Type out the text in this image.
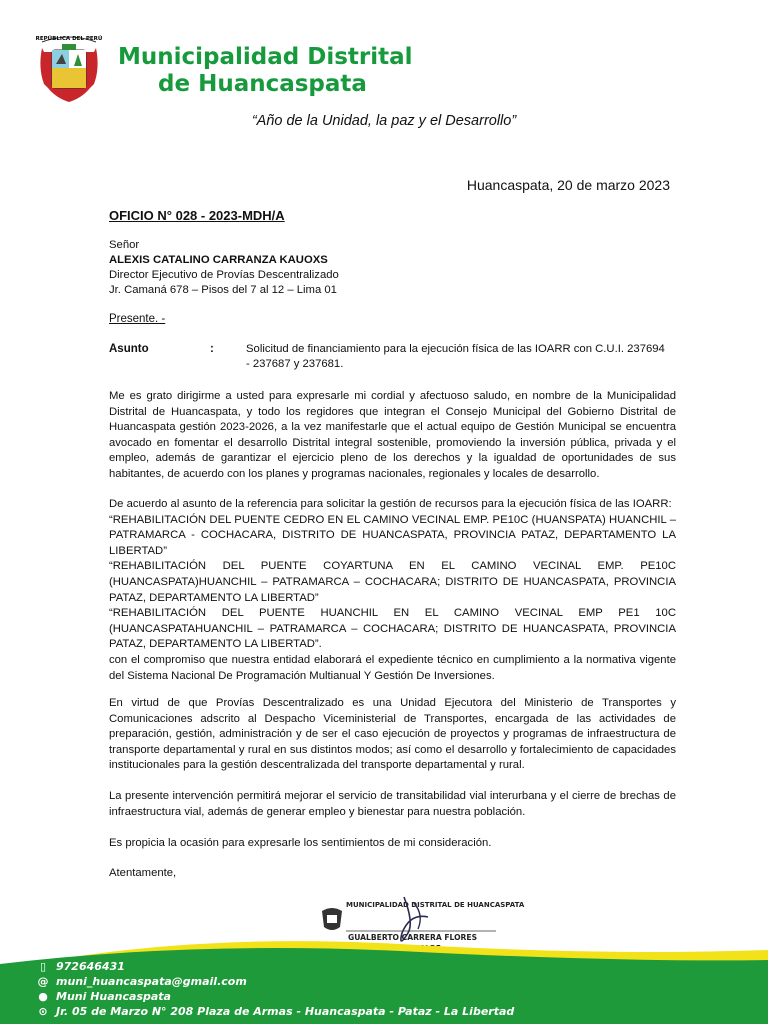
REPÚBLICA DEL PERÚ
Municipalidad Distrital
de Huancaspata
“Año de la Unidad, la paz y el Desarrollo”
Huancaspata, 20 de marzo 2023
OFICIO N° 028 - 2023-MDH/A
Señor
ALEXIS CATALINO CARRANZA KAUOXS
Director Ejecutivo de Provías Descentralizado
Jr. Camaná 678 – Pisos del 7 al 12 – Lima 01
Presente. -
Asunto	:	Solicitud de financiamiento para la ejecución física de las IOARR con C.U.I. 237694
- 237687 y 237681.
Me es grato dirigirme a usted para expresarle mi cordial y afectuoso saludo, en nombre de la Municipalidad Distrital de Huancaspata, y todo los regidores que integran el Consejo Municipal del Gobierno Distrital de Huancaspata gestión 2023-2026, a la vez manifestarle que el actual equipo de Gestión Municipal se encuentra avocado en fomentar el desarrollo Distrital integral sostenible, promoviendo la inversión pública, privada y el empleo, además de garantizar el ejercicio pleno de los derechos y la igualdad de oportunidades de sus habitantes, de acuerdo con los planes y programas nacionales, regionales y locales de desarrollo.
De acuerdo al asunto de la referencia para solicitar la gestión de recursos para la ejecución física de las IOARR:
“REHABILITACIÓN DEL PUENTE CEDRO EN EL CAMINO VECINAL EMP. PE10C (HUANSPATA) HUANCHIL – PATRAMARCA - COCHACARA, DISTRITO DE HUANCASPATA, PROVINCIA PATAZ, DEPARTAMENTO LA LIBERTAD”
“REHABILITACIÓN DEL PUENTE COYARTUNA EN EL CAMINO VECINAL EMP. PE10C (HUANCASPATA)HUANCHIL – PATRAMARCA – COCHACARA; DISTRITO DE HUANCASPATA, PROVINCIA PATAZ, DEPARTAMENTO LA LIBERTAD”
“REHABILITACIÓN DEL PUENTE HUANCHIL EN EL CAMINO VECINAL EMP PE1 10C (HUANCASPATAHUANCHIL – PATRAMARCA – COCHACARA; DISTRITO DE HUANCASPATA, PROVINCIA PATAZ, DEPARTAMENTO LA LIBERTAD”.
con el compromiso que nuestra entidad elaborará el expediente técnico en cumplimiento a la normativa vigente del Sistema Nacional De Programación Multianual Y Gestión De Inversiones.
En virtud de que Provías Descentralizado es una Unidad Ejecutora del Ministerio de Transportes y Comunicaciones adscrito al Despacho Viceministerial de Transportes, encargada de las actividades de preparación, gestión, administración y de ser el caso ejecución de proyectos y programas de infraestructura de transporte departamental y rural en sus distintos modos; así como el desarrollo y fortalecimiento de capacidades institucionales para la gestión descentralizada del transporte departamental y rural.
La presente intervención permitirá mejorar el servicio de transitabilidad vial interurbana y el cierre de brechas de infraestructura vial, además de generar empleo y bienestar para nuestra población.
Es propicia la ocasión para expresarle los sentimientos de mi consideración.
Atentamente,
MUNICIPALIDAD DISTRITAL DE HUANCASPATA
GUALBERTO CARRERA FLORES
▯ 972646431
@ muni_huancaspata@gmail.com
● Muni Huancaspata
⊙ Jr. 05 de Marzo N° 208 Plaza de Armas - Huancaspata - Pataz - La Libertad
